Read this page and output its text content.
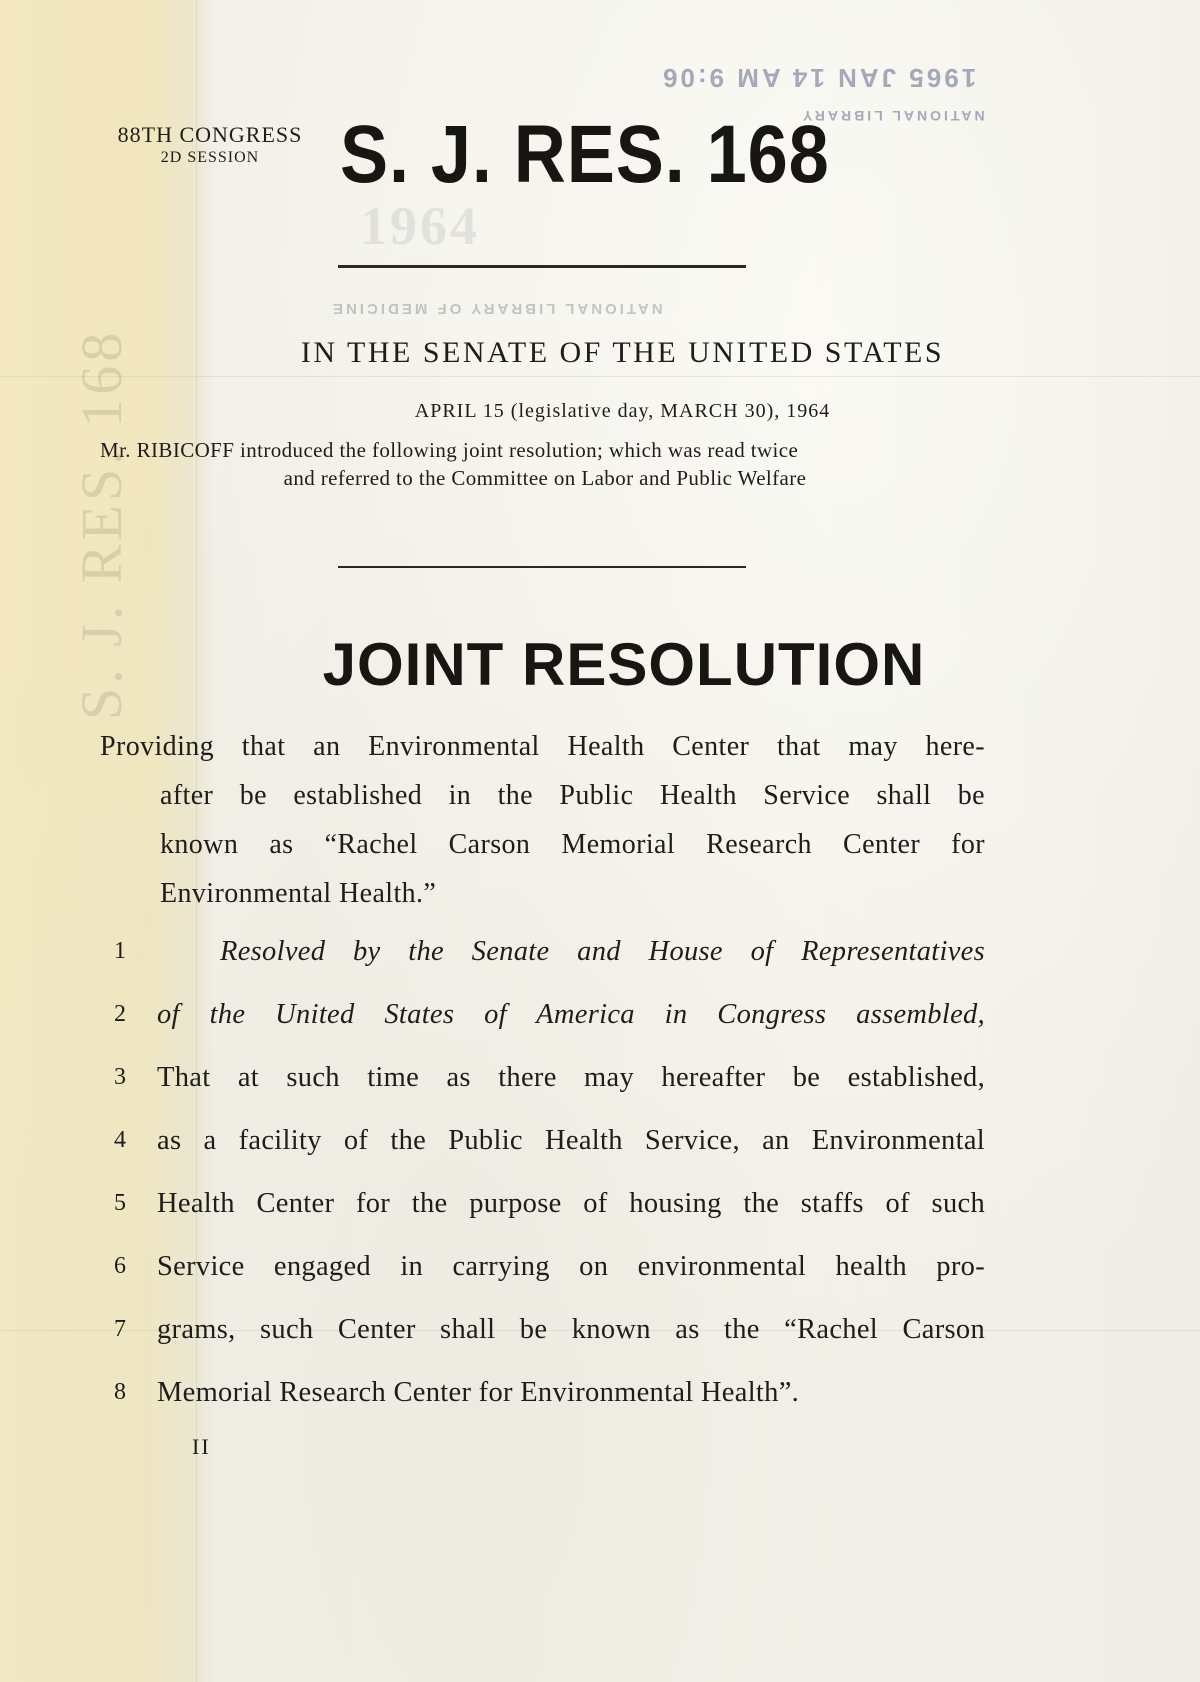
1965 JAN 14 AM 9:06
NATIONAL LIBRARY
NATIONAL LIBRARY OF MEDICINE
1964
S. J. RES. 168
88TH CONGRESS
2D SESSION S. J. RES. 168
IN THE SENATE OF THE UNITED STATES
APRIL 15 (legislative day, MARCH 30), 1964
Mr. RIBICOFF introduced the following joint resolution; which was read twice
and referred to the Committee on Labor and Public Welfare
JOINT RESOLUTION
Providing that an Environmental Health Center that may here-
after be established in the Public Health Service shall be
known as “Rachel Carson Memorial Research Center for
Environmental Health.”
1	Resolved by the Senate and House of Representatives
2	of the United States of America in Congress assembled,
3	That at such time as there may hereafter be established,
4	as a facility of the Public Health Service, an Environmental
5	Health Center for the purpose of housing the staffs of such
6	Service engaged in carrying on environmental health pro-
7	grams, such Center shall be known as the “Rachel Carson
8	Memorial Research Center for Environmental Health”.
II
